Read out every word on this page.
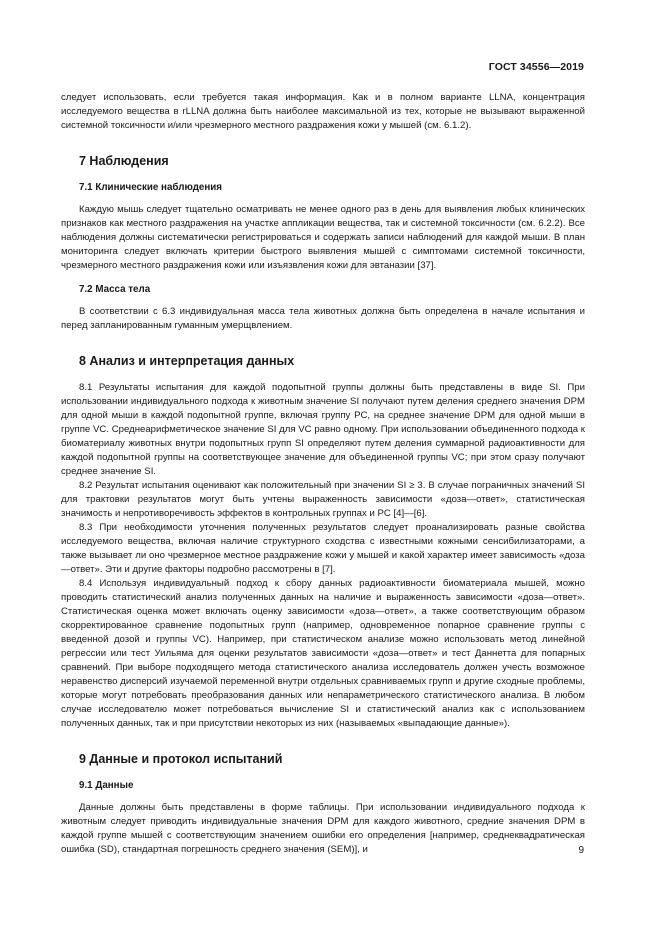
ГОСТ 34556—2019

следует использовать, если требуется такая информация. Как и в полном варианте LLNA, концентрация исследуемого вещества в rLLNA должна быть наиболее максимальной из тех, которые не вызывают выраженной системной токсичности и/или чрезмерного местного раздражения кожи у мышей (см. 6.1.2).

7 Наблюдения
7.1 Клинические наблюдения

Каждую мышь следует тщательно осматривать не менее одного раз в день для выявления любых клинических признаков как местного раздражения на участке аппликации вещества, так и системной токсичности (см. 6.2.2). Все наблюдения должны систематически регистрироваться и содержать записи наблюдений для каждой мыши. В план мониторинга следует включать критерии быстрого выявления мышей с симптомами системной токсичности, чрезмерного местного раздражения кожи или изъязвления кожи для эвтаназии [37].

7.2 Масса тела

В соответствии с 6.3 индивидуальная масса тела животных должна быть определена в начале испытания и перед запланированным гуманным умерщвлением.

8 Анализ и интерпретация данных

8.1 Результаты испытания для каждой подопытной группы должны быть представлены в виде SI. При использовании индивидуального подхода к животным значение SI получают путем деления среднего значения DPM для одной мыши в каждой подопытной группе, включая группу PC, на среднее значение DPM для одной мыши в группе VC. Среднеарифметическое значение SI для VC равно одному. При использовании объединенного подхода к биоматериалу животных внутри подопытных групп SI определяют путем деления суммарной радиоактивности для каждой подопытной группы на соответствующее значение для объединенной группы VC; при этом сразу получают среднее значение SI.

8.2 Результат испытания оценивают как положительный при значении SI ≥ 3. В случае пограничных значений SI для трактовки результатов могут быть учтены выраженность зависимости «доза—ответ», статистическая значимость и непротиворечивость эффектов в контрольных группах и PC [4]—[6].

8.3 При необходимости уточнения полученных результатов следует проанализировать разные свойства исследуемого вещества, включая наличие структурного сходства с известными кожными сенсибилизаторами, а также вызывает ли оно чрезмерное местное раздражение кожи у мышей и какой характер имеет зависимость «доза—ответ». Эти и другие факторы подробно рассмотрены в [7].

8.4 Используя индивидуальный подход к сбору данных радиоактивности биоматериала мышей, можно проводить статистический анализ полученных данных на наличие и выраженность зависимости «доза—ответ». Статистическая оценка может включать оценку зависимости «доза—ответ», а также соответствующим образом скорректированное сравнение подопытных групп (например, одновременное попарное сравнение группы с введенной дозой и группы VC). Например, при статистическом анализе можно использовать метод линейной регрессии или тест Уильяма для оценки результатов зависимости «доза—ответ» и тест Даннетта для попарных сравнений. При выборе подходящего метода статистического анализа исследователь должен учесть возможное неравенство дисперсий изучаемой переменной внутри отдельных сравниваемых групп и другие сходные проблемы, которые могут потребовать преобразования данных или непараметрического статистического анализа. В любом случае исследователю может потребоваться вычисление SI и статистический анализ как с использованием полученных данных, так и при присутствии некоторых из них (называемых «выпадающие данные»).

9 Данные и протокол испытаний
9.1 Данные

Данные должны быть представлены в форме таблицы. При использовании индивидуального подхода к животным следует приводить индивидуальные значения DPM для каждого животного, средние значения DPM в каждой группе мышей с соответствующим значением ошибки его определения [например, среднеквадратическая ошибка (SD), стандартная погрешность среднего значения (SEM)], и	9
